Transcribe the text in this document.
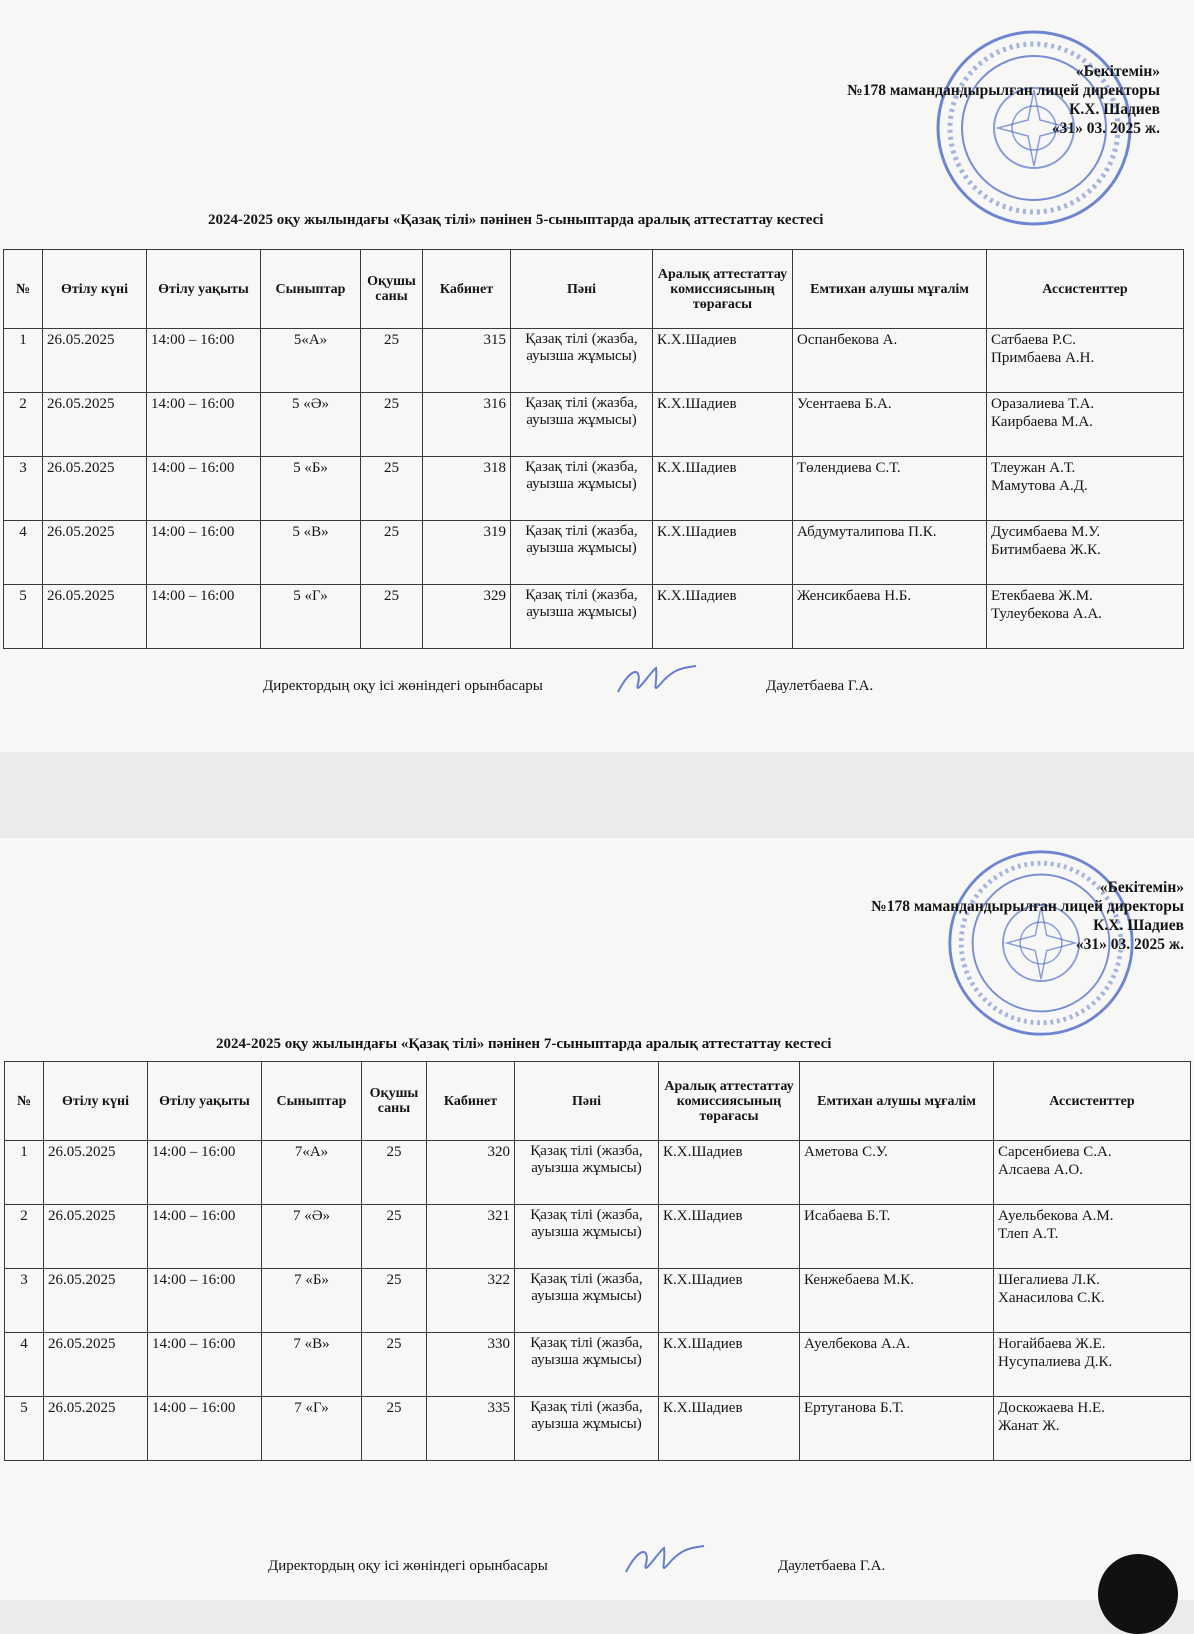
«Бекітемін»
№178 мамандандырылған лицей директоры
К.Х. Шадиев
«31» 03. 2025 ж.
2024-2025 оқу жылындағы «Қазақ тілі» пәнінен 5-сыныптарда аралық аттестаттау кестесі
№	Өтілу күні	Өтілу уақыты	Сыныптар	Оқушы саны	Кабинет	Пәні	Аралық аттестаттау комиссиясының төрағасы	Емтихан алушы мұғалім	Ассистенттер
1	26.05.2025	14:00 – 16:00	5«А»	25	315	Қазақ тілі (жазба, ауызша жұмысы)	К.Х.Шадиев	Оспанбекова А.	Сатбаева Р.С.
Примбаева А.Н.

2	26.05.2025	14:00 – 16:00	5 «Ә»	25	316	Қазақ тілі (жазба, ауызша жұмысы)	К.Х.Шадиев	Усентаева Б.А.	Оразалиева Т.А.
Каирбаева М.А.

3	26.05.2025	14:00 – 16:00	5 «Б»	25	318	Қазақ тілі (жазба, ауызша жұмысы)	К.Х.Шадиев	Төлендиева С.Т.	Тлеужан А.Т.
Мамутова А.Д.

4	26.05.2025	14:00 – 16:00	5 «В»	25	319	Қазақ тілі (жазба, ауызша жұмысы)	К.Х.Шадиев	Абдумуталипова П.К.	Дусимбаева М.У.
Битимбаева Ж.К.

5	26.05.2025	14:00 – 16:00	5 «Г»	25	329	Қазақ тілі (жазба, ауызша жұмысы)	К.Х.Шадиев	Женсикбаева Н.Б.	Етекбаева Ж.М.
Тулеубекова А.А.
Директордың оқу ісі жөніндегі орынбасары	Даулетбаева Г.А.
«Бекітемін»
№178 мамандандырылған лицей директоры
К.Х. Шадиев
«31» 03. 2025 ж.
2024-2025 оқу жылындағы «Қазақ тілі» пәнінен 7-сыныптарда аралық аттестаттау кестесі
№	Өтілу күні	Өтілу уақыты	Сыныптар	Оқушы саны	Кабинет	Пәні	Аралық аттестаттау комиссиясының төрағасы	Емтихан алушы мұғалім	Ассистенттер
1	26.05.2025	14:00 – 16:00	7«А»	25	320	Қазақ тілі (жазба, ауызша жұмысы)	К.Х.Шадиев	Аметова С.У.	Сарсенбиева С.А.
Алсаева А.О.

2	26.05.2025	14:00 – 16:00	7 «Ә»	25	321	Қазақ тілі (жазба, ауызша жұмысы)	К.Х.Шадиев	Исабаева Б.Т.	Ауельбекова А.М.
Тлеп А.Т.

3	26.05.2025	14:00 – 16:00	7 «Б»	25	322	Қазақ тілі (жазба, ауызша жұмысы)	К.Х.Шадиев	Кенжебаева М.К.	Шегалиева Л.К.
Ханасилова С.К.

4	26.05.2025	14:00 – 16:00	7 «В»	25	330	Қазақ тілі (жазба, ауызша жұмысы)	К.Х.Шадиев	Ауелбекова А.А.	Ногайбаева Ж.Е.
Нусупалиева Д.К.

5	26.05.2025	14:00 – 16:00	7 «Г»	25	335	Қазақ тілі (жазба, ауызша жұмысы)	К.Х.Шадиев	Ертуганова Б.Т.	Доскожаева Н.Е.
Жанат Ж.
Директордың оқу ісі жөніндегі орынбасары	Даулетбаева Г.А.
